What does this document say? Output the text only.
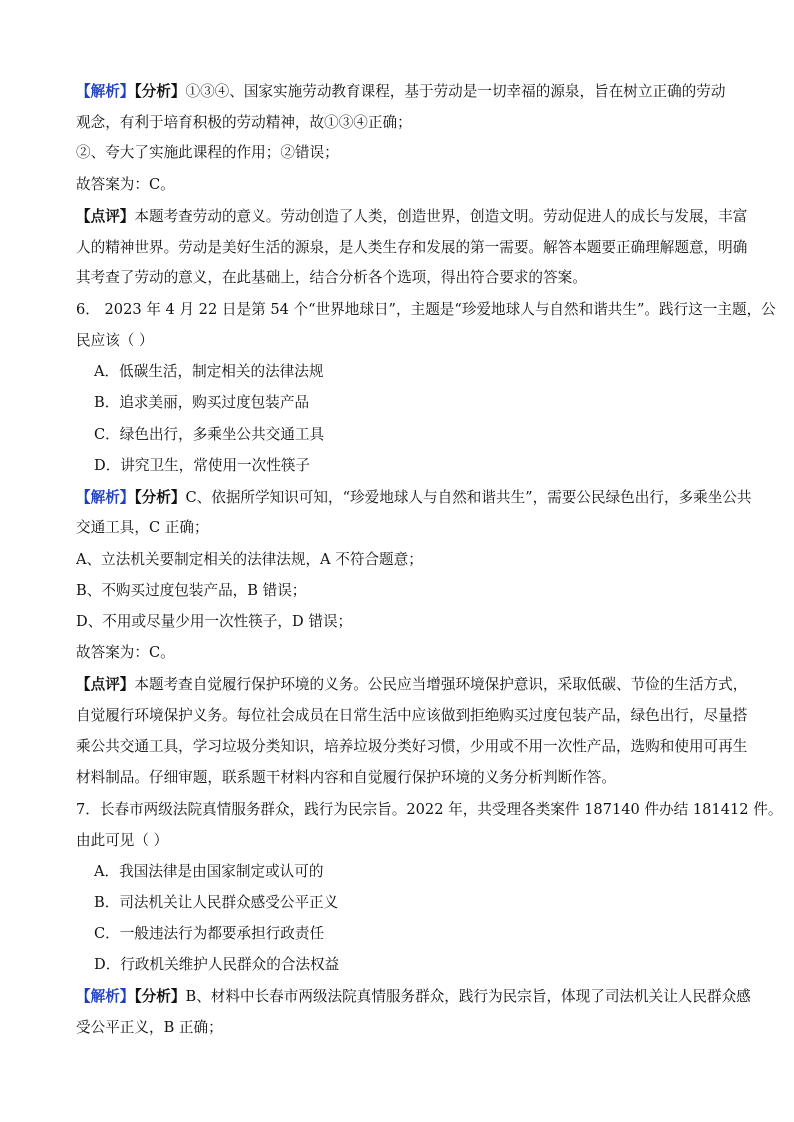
【解析】【分析】①③④、国家实施劳动教育课程，基于劳动是一切幸福的源泉，旨在树立正确的劳动
观念，有利于培育积极的劳动精神，故①③④正确；
②、夸大了实施此课程的作用；②错误；
故答案为：C。
【点评】本题考查劳动的意义。劳动创造了人类，创造世界，创造文明。劳动促进人的成长与发展，丰富
人的精神世界。劳动是美好生活的源泉，是人类生存和发展的第一需要。解答本题要正确理解题意，明确
其考查了劳动的意义，在此基础上，结合分析各个选项，得出符合要求的答案。
6． 2023 年 4 月 22 日是第 54 个“世界地球日”，主题是“珍爱地球人与自然和谐共生”。践行这一主题，公
民应该（ ）
A．低碳生活，制定相关的法律法规
B．追求美丽，购买过度包装产品
C．绿色出行，多乘坐公共交通工具
D．讲究卫生，常使用一次性筷子
【解析】【分析】C、依据所学知识可知，“珍爱地球人与自然和谐共生”，需要公民绿色出行，多乘坐公共
交通工具，C 正确；
A、立法机关要制定相关的法律法规，A 不符合题意；
B、不购买过度包装产品，B 错误；
D、不用或尽量少用一次性筷子，D 错误；
故答案为：C。
【点评】本题考查自觉履行保护环境的义务。公民应当增强环境保护意识，采取低碳、节俭的生活方式，
自觉履行环境保护义务。每位社会成员在日常生活中应该做到拒绝购买过度包装产品，绿色出行，尽量搭
乘公共交通工具，学习垃圾分类知识，培养垃圾分类好习惯，少用或不用一次性产品，选购和使用可再生
材料制品。仔细审题，联系题干材料内容和自觉履行保护环境的义务分析判断作答。
7．长春市两级法院真情服务群众，践行为民宗旨。2022 年，共受理各类案件 187140 件办结 181412 件。
由此可见（ ）
A．我国法律是由国家制定或认可的
B．司法机关让人民群众感受公平正义
C．一般违法行为都要承担行政责任
D．行政机关维护人民群众的合法权益
【解析】【分析】B、材料中长春市两级法院真情服务群众，践行为民宗旨，体现了司法机关让人民群众感
受公平正义，B 正确；
